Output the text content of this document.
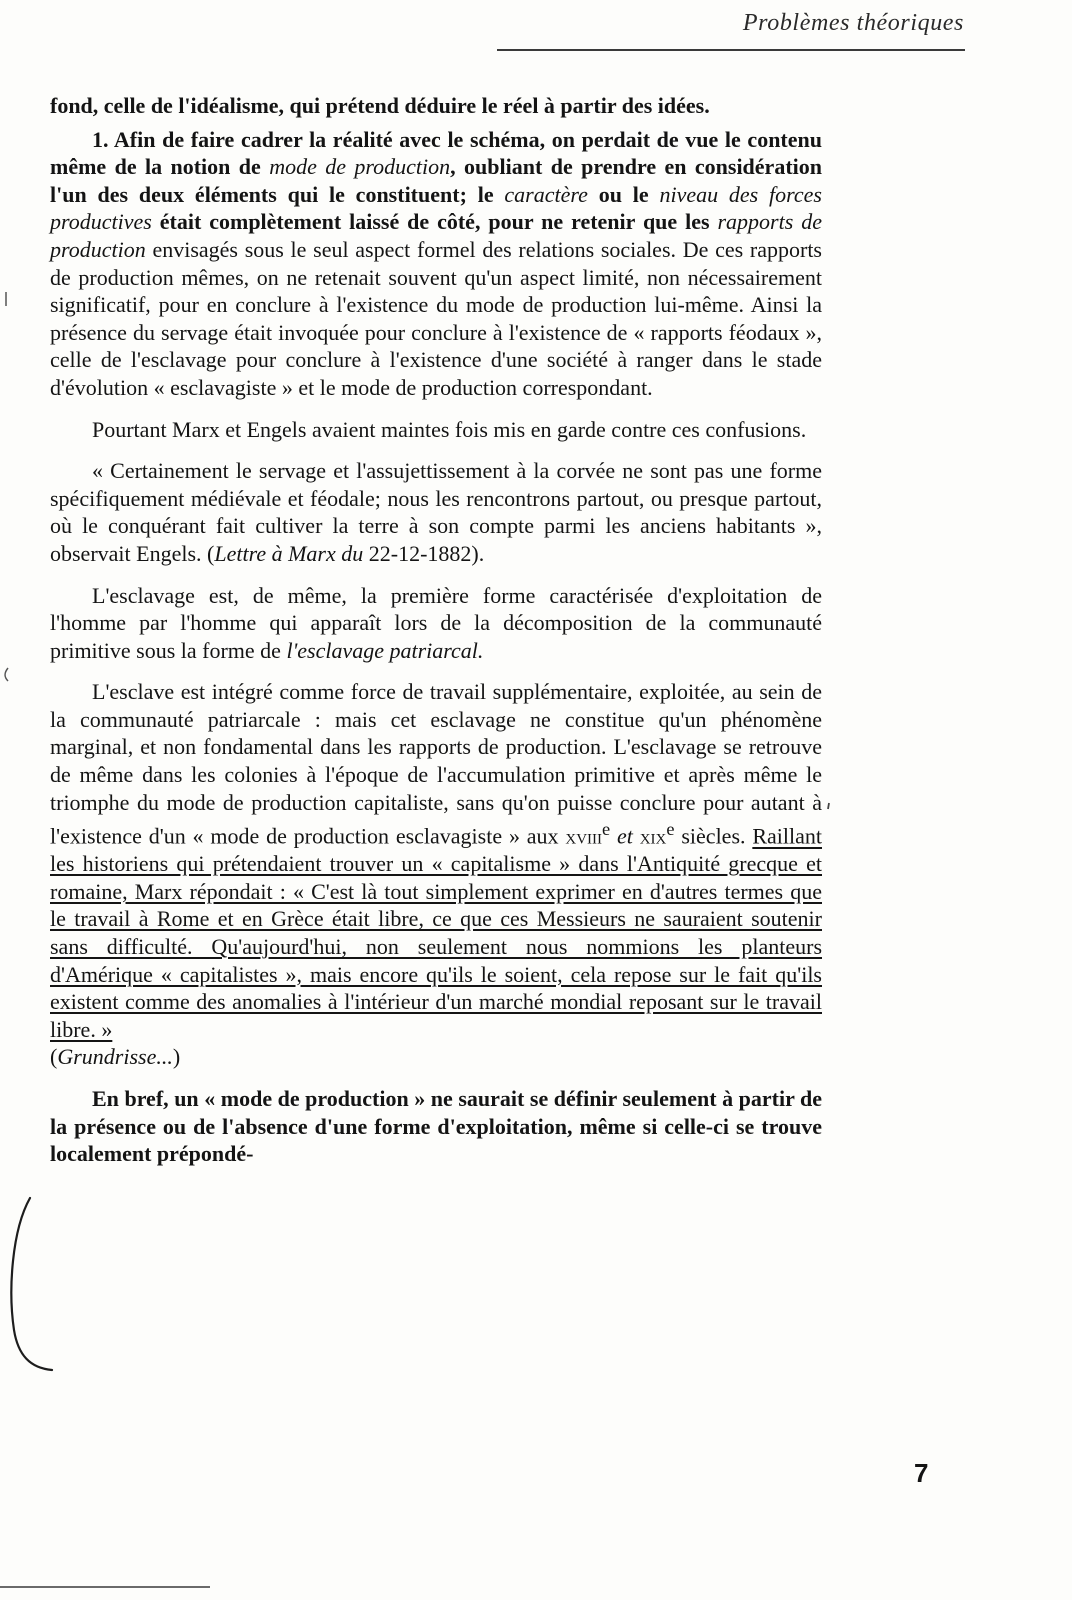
Problèmes théoriques

fond, celle de l'idéalisme, qui prétend déduire le réel à partir des idées.

1. Afin de faire cadrer la réalité avec le schéma, on perdait de vue le contenu même de la notion de mode de production, oubliant de prendre en considération l'un des deux éléments qui le constituent; le caractère ou le niveau des forces productives était complètement laissé de côté, pour ne retenir que les rapports de production envisagés sous le seul aspect formel des relations sociales. De ces rapports de production mêmes, on ne retenait souvent qu'un aspect limité, non nécessairement significatif, pour en conclure à l'existence du mode de production lui-même. Ainsi la présence du servage était invoquée pour conclure à l'existence de « rapports féodaux », celle de l'esclavage pour conclure à l'existence d'une société à ranger dans le stade d'évolution « esclavagiste » et le mode de production correspondant.

Pourtant Marx et Engels avaient maintes fois mis en garde contre ces confusions.

« Certainement le servage et l'assujettissement à la corvée ne sont pas une forme spécifiquement médiévale et féodale; nous les rencontrons partout, ou presque partout, où le conquérant fait cultiver la terre à son compte parmi les anciens habitants », observait Engels. (Lettre à Marx du 22-12-1882).

L'esclavage est, de même, la première forme caractérisée d'exploitation de l'homme par l'homme qui apparaît lors de la décomposition de la communauté primitive sous la forme de l'esclavage patriarcal.

L'esclave est intégré comme force de travail supplémentaire, exploitée, au sein de la communauté patriarcale : mais cet esclavage ne constitue qu'un phénomène marginal, et non fondamental dans les rapports de production. L'esclavage se retrouve de même dans les colonies à l'époque de l'accumulation primitive et après même le triomphe du mode de production capitaliste, sans qu'on puisse conclure pour autant à l'existence d'un « mode de production esclavagiste » aux xviii$^e$ et xix$^e$ siècles. Raillant les historiens qui prétendaient trouver un « capitalisme » dans l'Antiquité grecque et romaine, Marx répondait : « C'est là tout simplement exprimer en d'autres termes que le travail à Rome et en Grèce était libre, ce que ces Messieurs ne sauraient soutenir sans difficulté. Qu'aujourd'hui, non seulement nous nommions les planteurs d'Amérique « capitalistes », mais encore qu'ils le soient, cela repose sur le fait qu'ils existent comme des anomalies à l'intérieur d'un marché mondial reposant sur le travail libre. »
(Grundrisse...)

En bref, un « mode de production » ne saurait se définir seulement à partir de la présence ou de l'absence d'une forme d'exploitation, même si celle-ci se trouve localement prépondé-

7
